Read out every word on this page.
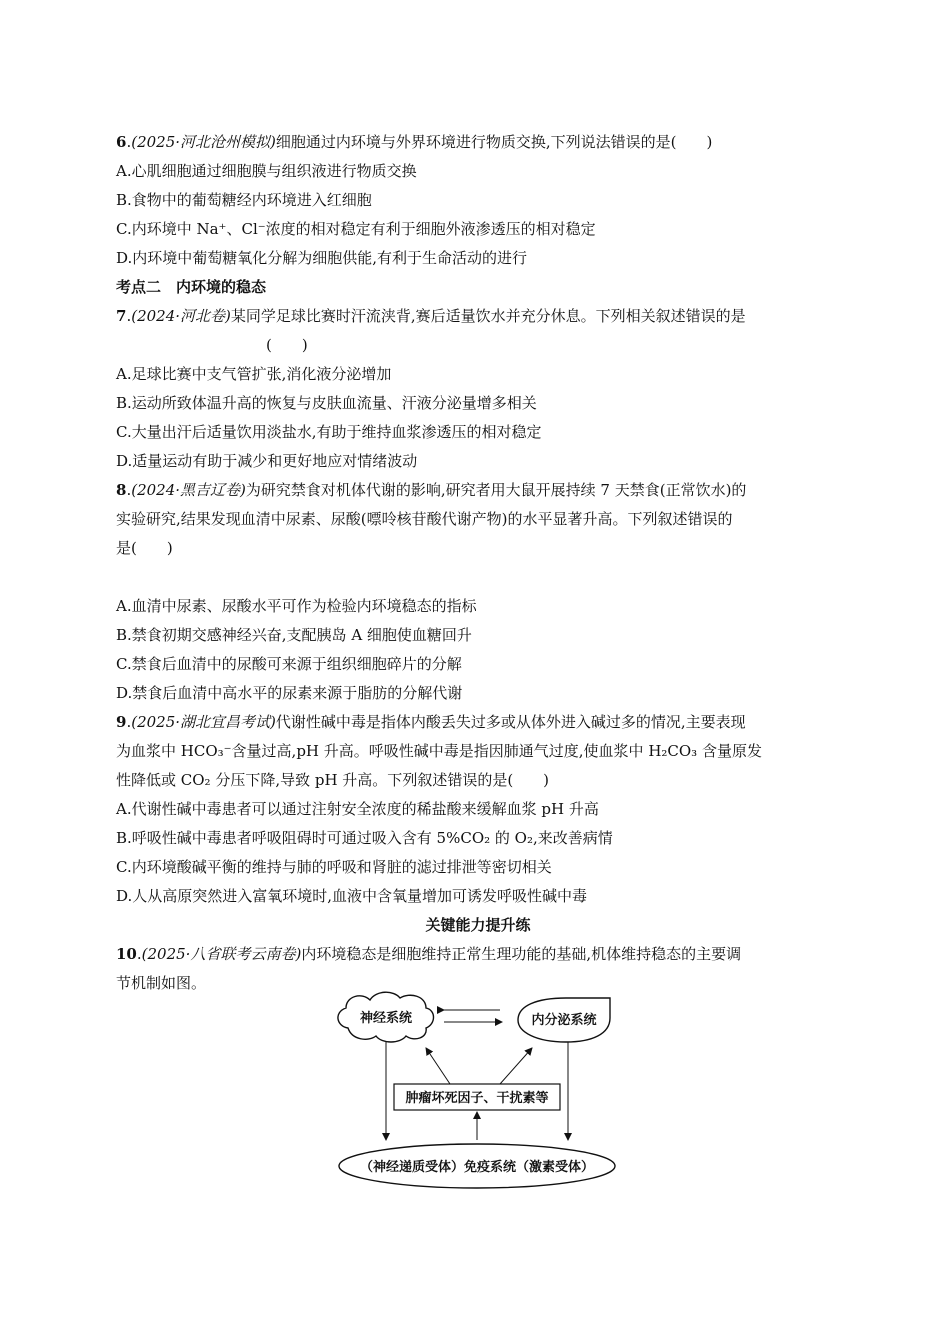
6.(2025·河北沧州模拟)细胞通过内环境与外界环境进行物质交换,下列说法错误的是(　　)
A.心肌细胞通过细胞膜与组织液进行物质交换
B.食物中的葡萄糖经内环境进入红细胞
C.内环境中 Na⁺、Cl⁻浓度的相对稳定有利于细胞外液渗透压的相对稳定
D.内环境中葡萄糖氧化分解为细胞供能,有利于生命活动的进行
考点二　内环境的稳态
7.(2024·河北卷)某同学足球比赛时汗流浃背,赛后适量饮水并充分休息。下列相关叙述错误的是
(　　)
A.足球比赛中支气管扩张,消化液分泌增加
B.运动所致体温升高的恢复与皮肤血流量、汗液分泌量增多相关
C.大量出汗后适量饮用淡盐水,有助于维持血浆渗透压的相对稳定
D.适量运动有助于减少和更好地应对情绪波动
8.(2024·黑吉辽卷)为研究禁食对机体代谢的影响,研究者用大鼠开展持续 7 天禁食(正常饮水)的
实验研究,结果发现血清中尿素、尿酸(嘌呤核苷酸代谢产物)的水平显著升高。下列叙述错误的
是(　　)
A.血清中尿素、尿酸水平可作为检验内环境稳态的指标
B.禁食初期交感神经兴奋,支配胰岛 A 细胞使血糖回升
C.禁食后血清中的尿酸可来源于组织细胞碎片的分解
D.禁食后血清中高水平的尿素来源于脂肪的分解代谢
9.(2025·湖北宜昌考试)代谢性碱中毒是指体内酸丢失过多或从体外进入碱过多的情况,主要表现
为血浆中 HCO₃⁻含量过高,pH 升高。呼吸性碱中毒是指因肺通气过度,使血浆中 H₂CO₃ 含量原发
性降低或 CO₂ 分压下降,导致 pH 升高。下列叙述错误的是(　　)
A.代谢性碱中毒患者可以通过注射安全浓度的稀盐酸来缓解血浆 pH 升高
B.呼吸性碱中毒患者呼吸阻碍时可通过吸入含有 5%CO₂ 的 O₂,来改善病情
C.内环境酸碱平衡的维持与肺的呼吸和肾脏的滤过排泄等密切相关
D.人从高原突然进入富氧环境时,血液中含氧量增加可诱发呼吸性碱中毒
关键能力提升练
10.(2025·八省联考云南卷)内环境稳态是细胞维持正常生理功能的基础,机体维持稳态的主要调
节机制如图。
神经系统	内分泌系统
肿瘤坏死因子、干扰素等
（神经递质受体）免疫系统（激素受体）
